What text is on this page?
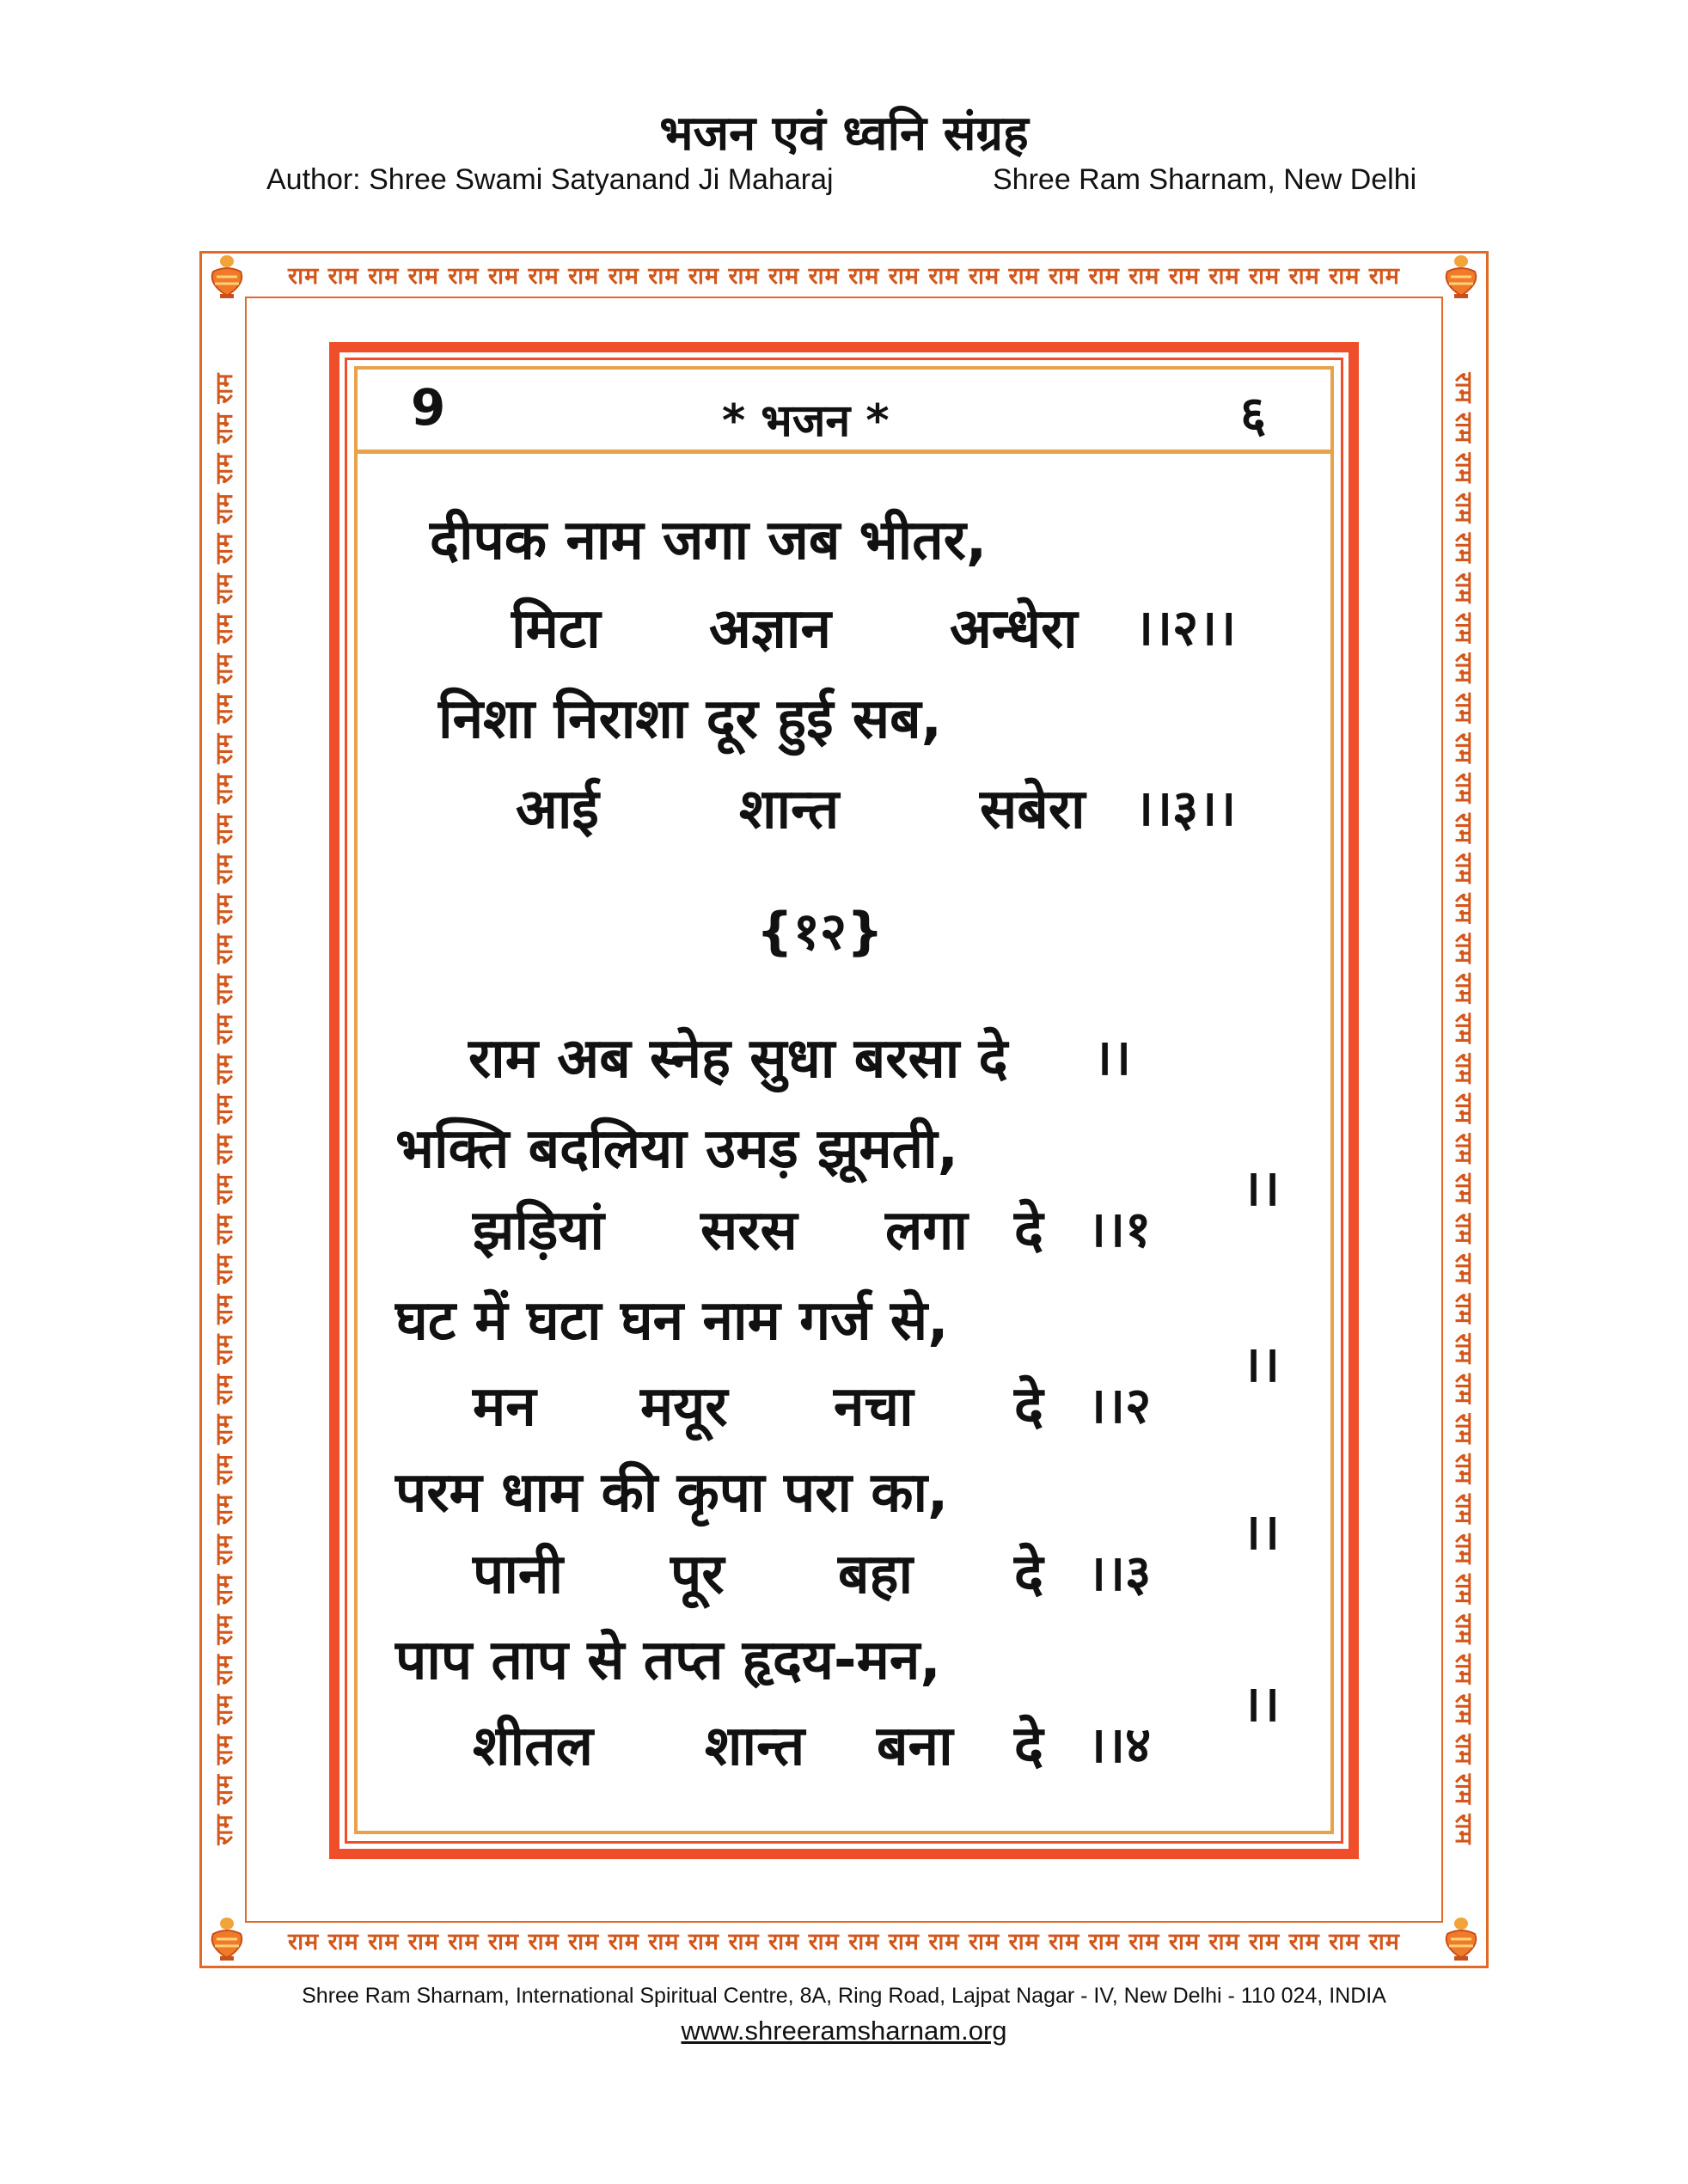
भजन एवं ध्वनि संग्रह
Author: Shree Swami Satyanand Ji Maharaj	Shree Ram Sharnam, New Delhi
राम राम राम राम राम राम राम राम राम राम राम राम राम राम राम राम राम राम राम राम राम राम राम राम राम राम राम राम
राम राम राम राम राम राम राम राम राम राम राम राम राम राम राम राम राम राम राम राम राम राम राम राम राम राम राम राम
राम राम राम राम राम राम राम राम राम राम राम राम राम राम राम राम राम राम राम राम राम राम राम राम राम राम राम राम राम राम राम राम राम राम राम राम राम	राम राम राम राम राम राम राम राम राम राम राम राम राम राम राम राम राम राम राम राम राम राम राम राम राम राम राम राम राम राम राम राम राम राम राम राम राम
9	* भजन *	६
दीपक नाम जगा जब भीतर,
मिटा अज्ञान अन्धेरा ।।२।।
निशा निराशा दूर हुई सब,
आई	शान्त	सबेरा ।।३।।
{१२}
राम अब स्नेह सुधा बरसा दे ।।
भक्ति बदलिया उमड़ झूमती,
झड़ियां सरस लगा दे ।।१
।।
घट में घटा घन नाम गर्ज से,
मन मयूर नचा दे ।।२
।।
परम धाम की कृपा परा का,
पानी पूर बहा दे ।।३
।।
पाप ताप से तप्त हृदय-मन,
शीतल शान्त बना दे ।।४
।।
Shree Ram Sharnam, International Spiritual Centre, 8A, Ring Road, Lajpat Nagar - IV, New Delhi - 110 024, INDIA
www.shreeramsharnam.org
